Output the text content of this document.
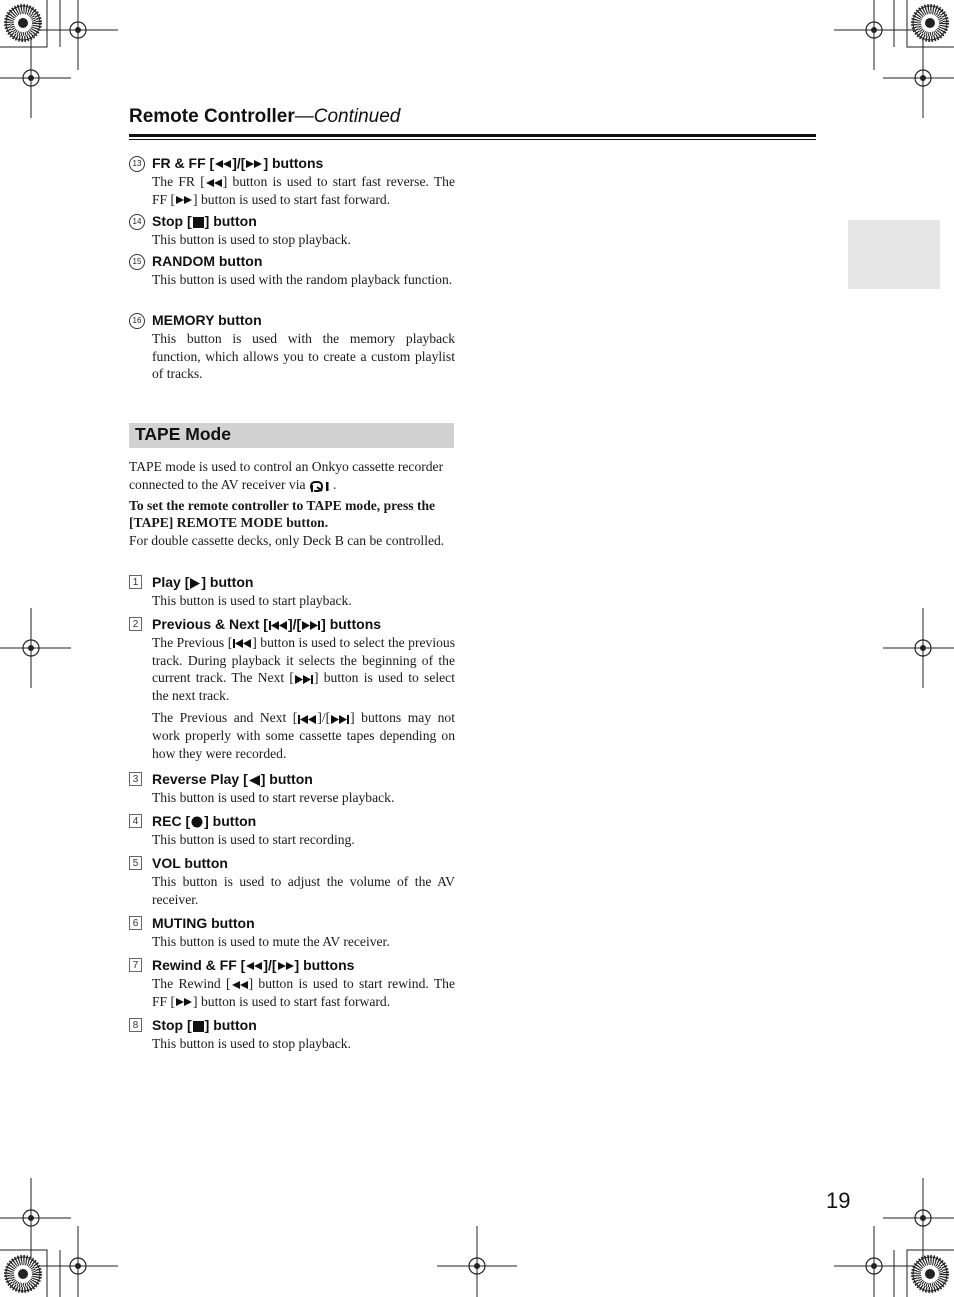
Remote Controller—Continued
13 FR & FF [ ]/[ ] buttons
The FR [ ] button is used to start fast reverse. The FF [ ] button is used to start fast forward.
14 Stop [ ] button
This button is used to stop playback.
15 RANDOM button
This button is used with the random playback function.
16 MEMORY button
This button is used with the memory playback function, which allows you to create a custom playlist of tracks.
TAPE Mode
TAPE mode is used to control an Onkyo cassette recorder connected to the AV receiver via .
To set the remote controller to TAPE mode, press the [TAPE] REMOTE MODE button.
For double cassette decks, only Deck B can be controlled.
1 Play [ ] button
This button is used to start playback.
2 Previous & Next [ ]/[ ] buttons
The Previous [ ] button is used to select the previous track. During playback it selects the beginning of the current track. The Next [ ] button is used to select the next track.
The Previous and Next [ ]/[ ] buttons may not work properly with some cassette tapes depending on how they were recorded.
3 Reverse Play [ ] button
This button is used to start reverse playback.
4 REC [ ] button
This button is used to start recording.
5 VOL button
This button is used to adjust the volume of the AV receiver.
6 MUTING button
This button is used to mute the AV receiver.
7 Rewind & FF [ ]/[ ] buttons
The Rewind [ ] button is used to start rewind. The FF [ ] button is used to start fast forward.
8 Stop [ ] button
This button is used to stop playback.
19
